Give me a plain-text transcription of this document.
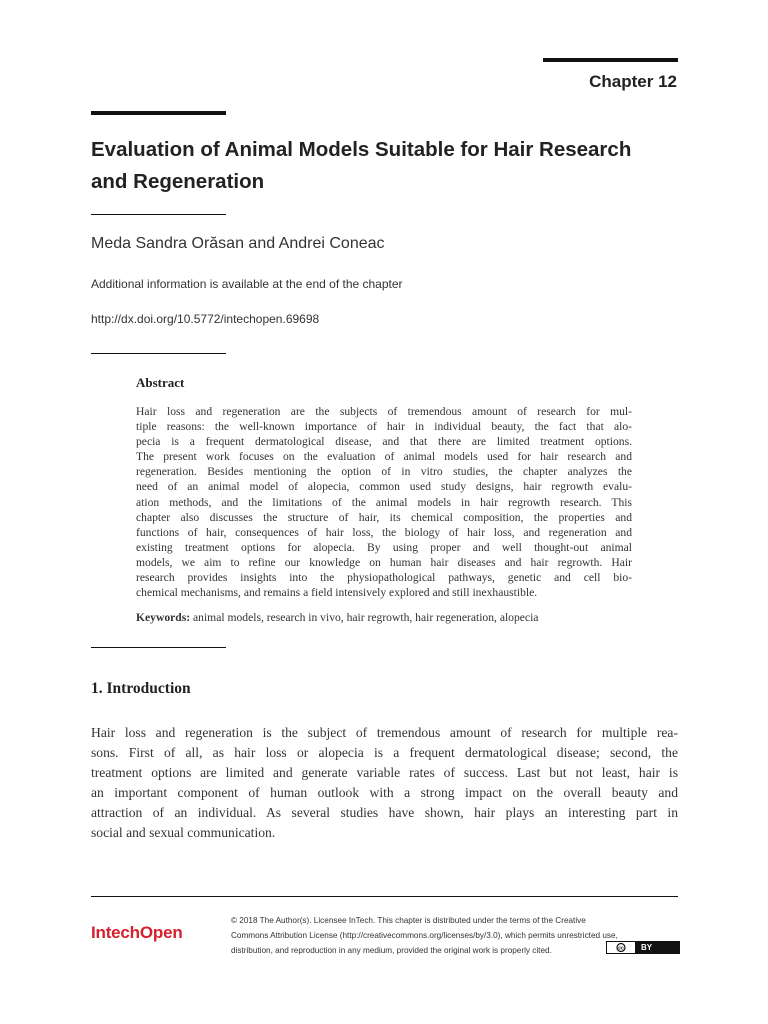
Chapter 12
Evaluation of Animal Models Suitable for Hair Research
and Regeneration
Meda Sandra Orăsan and Andrei Coneac
Additional information is available at the end of the chapter
http://dx.doi.org/10.5772/intechopen.69698
Abstract
Hair loss and regeneration are the subjects of tremendous amount of research for mul-
tiple reasons: the well-known importance of hair in individual beauty, the fact that alo-
pecia is a frequent dermatological disease, and that there are limited treatment options.
The present work focuses on the evaluation of animal models used for hair research and
regeneration. Besides mentioning the option of in vitro studies, the chapter analyzes the
need of an animal model of alopecia, common used study designs, hair regrowth evalu-
ation methods, and the limitations of the animal models in hair regrowth research. This
chapter also discusses the structure of hair, its chemical composition, the properties and
functions of hair, consequences of hair loss, the biology of hair loss, and regeneration and
existing treatment options for alopecia. By using proper and well thought-out animal
models, we aim to refine our knowledge on human hair diseases and hair regrowth. Hair
research provides insights into the physiopathological pathways, genetic and cell bio-
chemical mechanisms, and remains a field intensively explored and still inexhaustible.
Keywords: animal models, research in vivo, hair regrowth, hair regeneration, alopecia
1. Introduction
Hair loss and regeneration is the subject of tremendous amount of research for multiple rea-
sons. First of all, as hair loss or alopecia is a frequent dermatological disease; second, the
treatment options are limited and generate variable rates of success. Last but not least, hair is
an important component of human outlook with a strong impact on the overall beauty and
attraction of an individual. As several studies have shown, hair plays an interesting part in
social and sexual communication.
IntechOpen
© 2018 The Author(s). Licensee InTech. This chapter is distributed under the terms of the Creative
Commons Attribution License (http://creativecommons.org/licenses/by/3.0), which permits unrestricted use,
distribution, and reproduction in any medium, provided the original work is properly cited.	cc	BY
